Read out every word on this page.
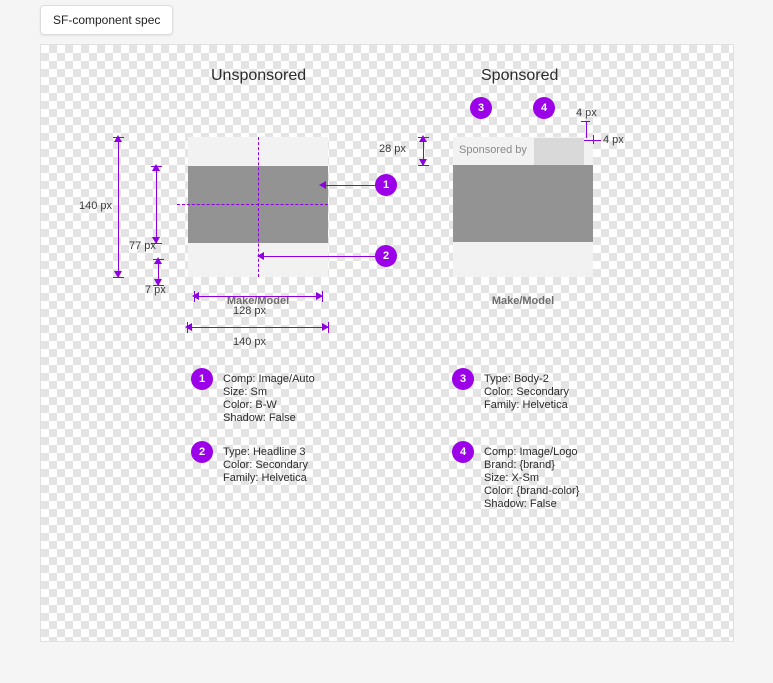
SF-component spec
Unsponsored	Sponsored
Make/Model
140 px
77 px
7 px
128 px
140 px
1
2
Sponsored by
Make/Model
28 px
4 px
4 px
3	4
1	Comp: Image/Auto
Size: Sm
Color: B-W
Shadow: False
2	Type: Headline 3
Color: Secondary
Family: Helvetica
3	Type: Body-2
Color: Secondary
Family: Helvetica
4	Comp: Image/Logo
Brand: {brand}
Size: X-Sm
Color: {brand-color}
Shadow: False
